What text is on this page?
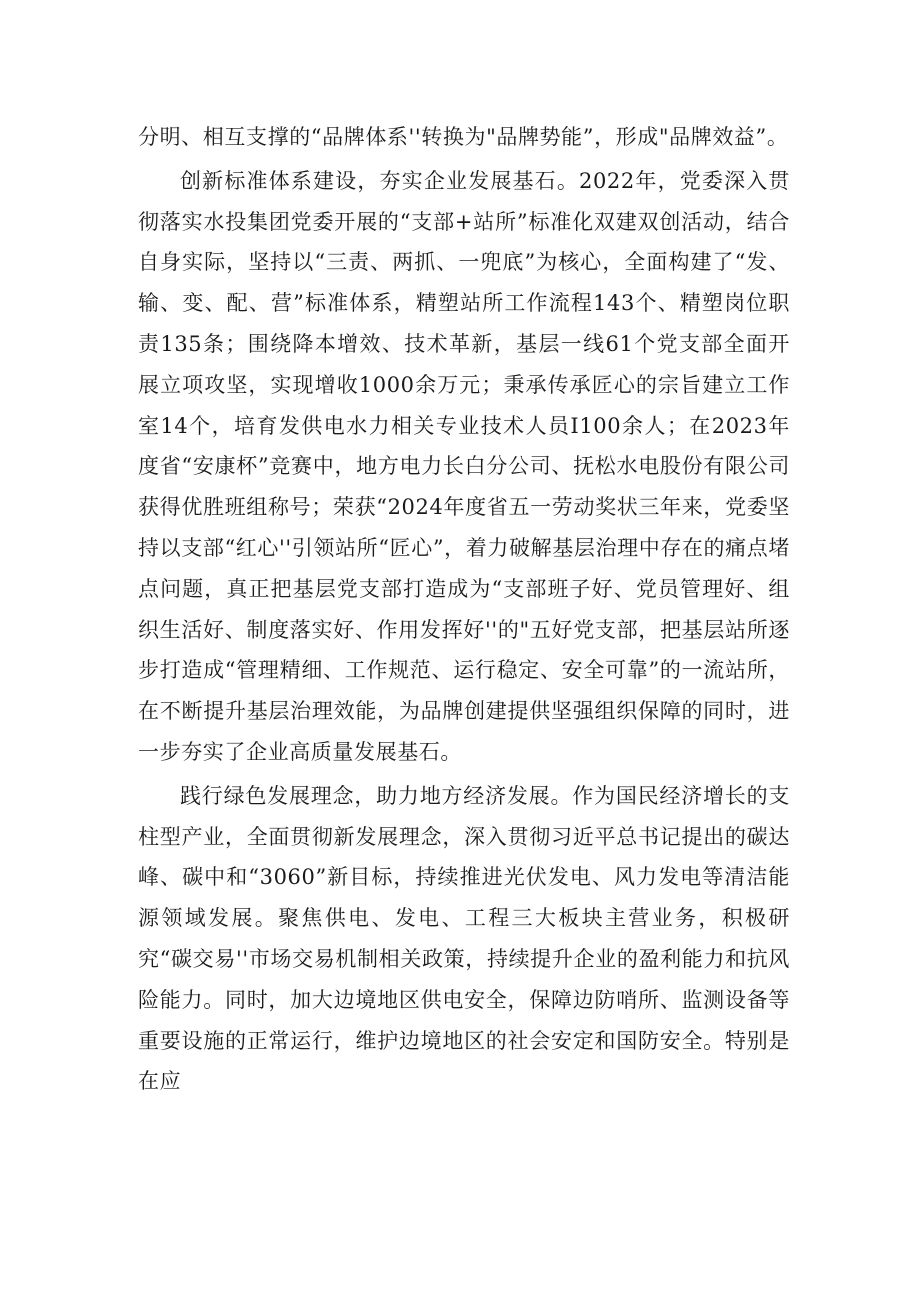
分明、相互支撑的“品牌体系''转换为"品牌势能”，形成"品牌效益”。

创新标准体系建设，夯实企业发展基石。2022年，党委深入贯彻落实水投集团党委开展的“支部+站所”标准化双建双创活动，结合自身实际，坚持以“三责、两抓、一兜底”为核心，全面构建了“发、输、变、配、营”标准体系，精塑站所工作流程143个、精塑岗位职责135条；围绕降本增效、技术革新，基层一线61个党支部全面开展立项攻坚，实现增收1000余万元；秉承传承匠心的宗旨建立工作室14个，培育发供电水力相关专业技术人员I100余人；在2023年度省“安康杯”竞赛中，地方电力长白分公司、抚松水电股份有限公司获得优胜班组称号；荣获“2024年度省五一劳动奖状三年来，党委坚持以支部“红心''引领站所“匠心”，着力破解基层治理中存在的痛点堵点问题，真正把基层党支部打造成为“支部班子好、党员管理好、组织生活好、制度落实好、作用发挥好''的"五好党支部，把基层站所逐步打造成“管理精细、工作规范、运行稳定、安全可靠”的一流站所，在不断提升基层治理效能，为品牌创建提供坚强组织保障的同时，进一步夯实了企业高质量发展基石。

践行绿色发展理念，助力地方经济发展。作为国民经济增长的支柱型产业，全面贯彻新发展理念，深入贯彻习近平总书记提出的碳达峰、碳中和“3060”新目标，持续推进光伏发电、风力发电等清洁能源领域发展。聚焦供电、发电、工程三大板块主营业务，积极研究“碳交易''市场交易机制相关政策，持续提升企业的盈利能力和抗风险能力。同时，加大边境地区供电安全，保障边防哨所、监测设备等重要设施的正常运行，维护边境地区的社会安定和国防安全。特别是在应
